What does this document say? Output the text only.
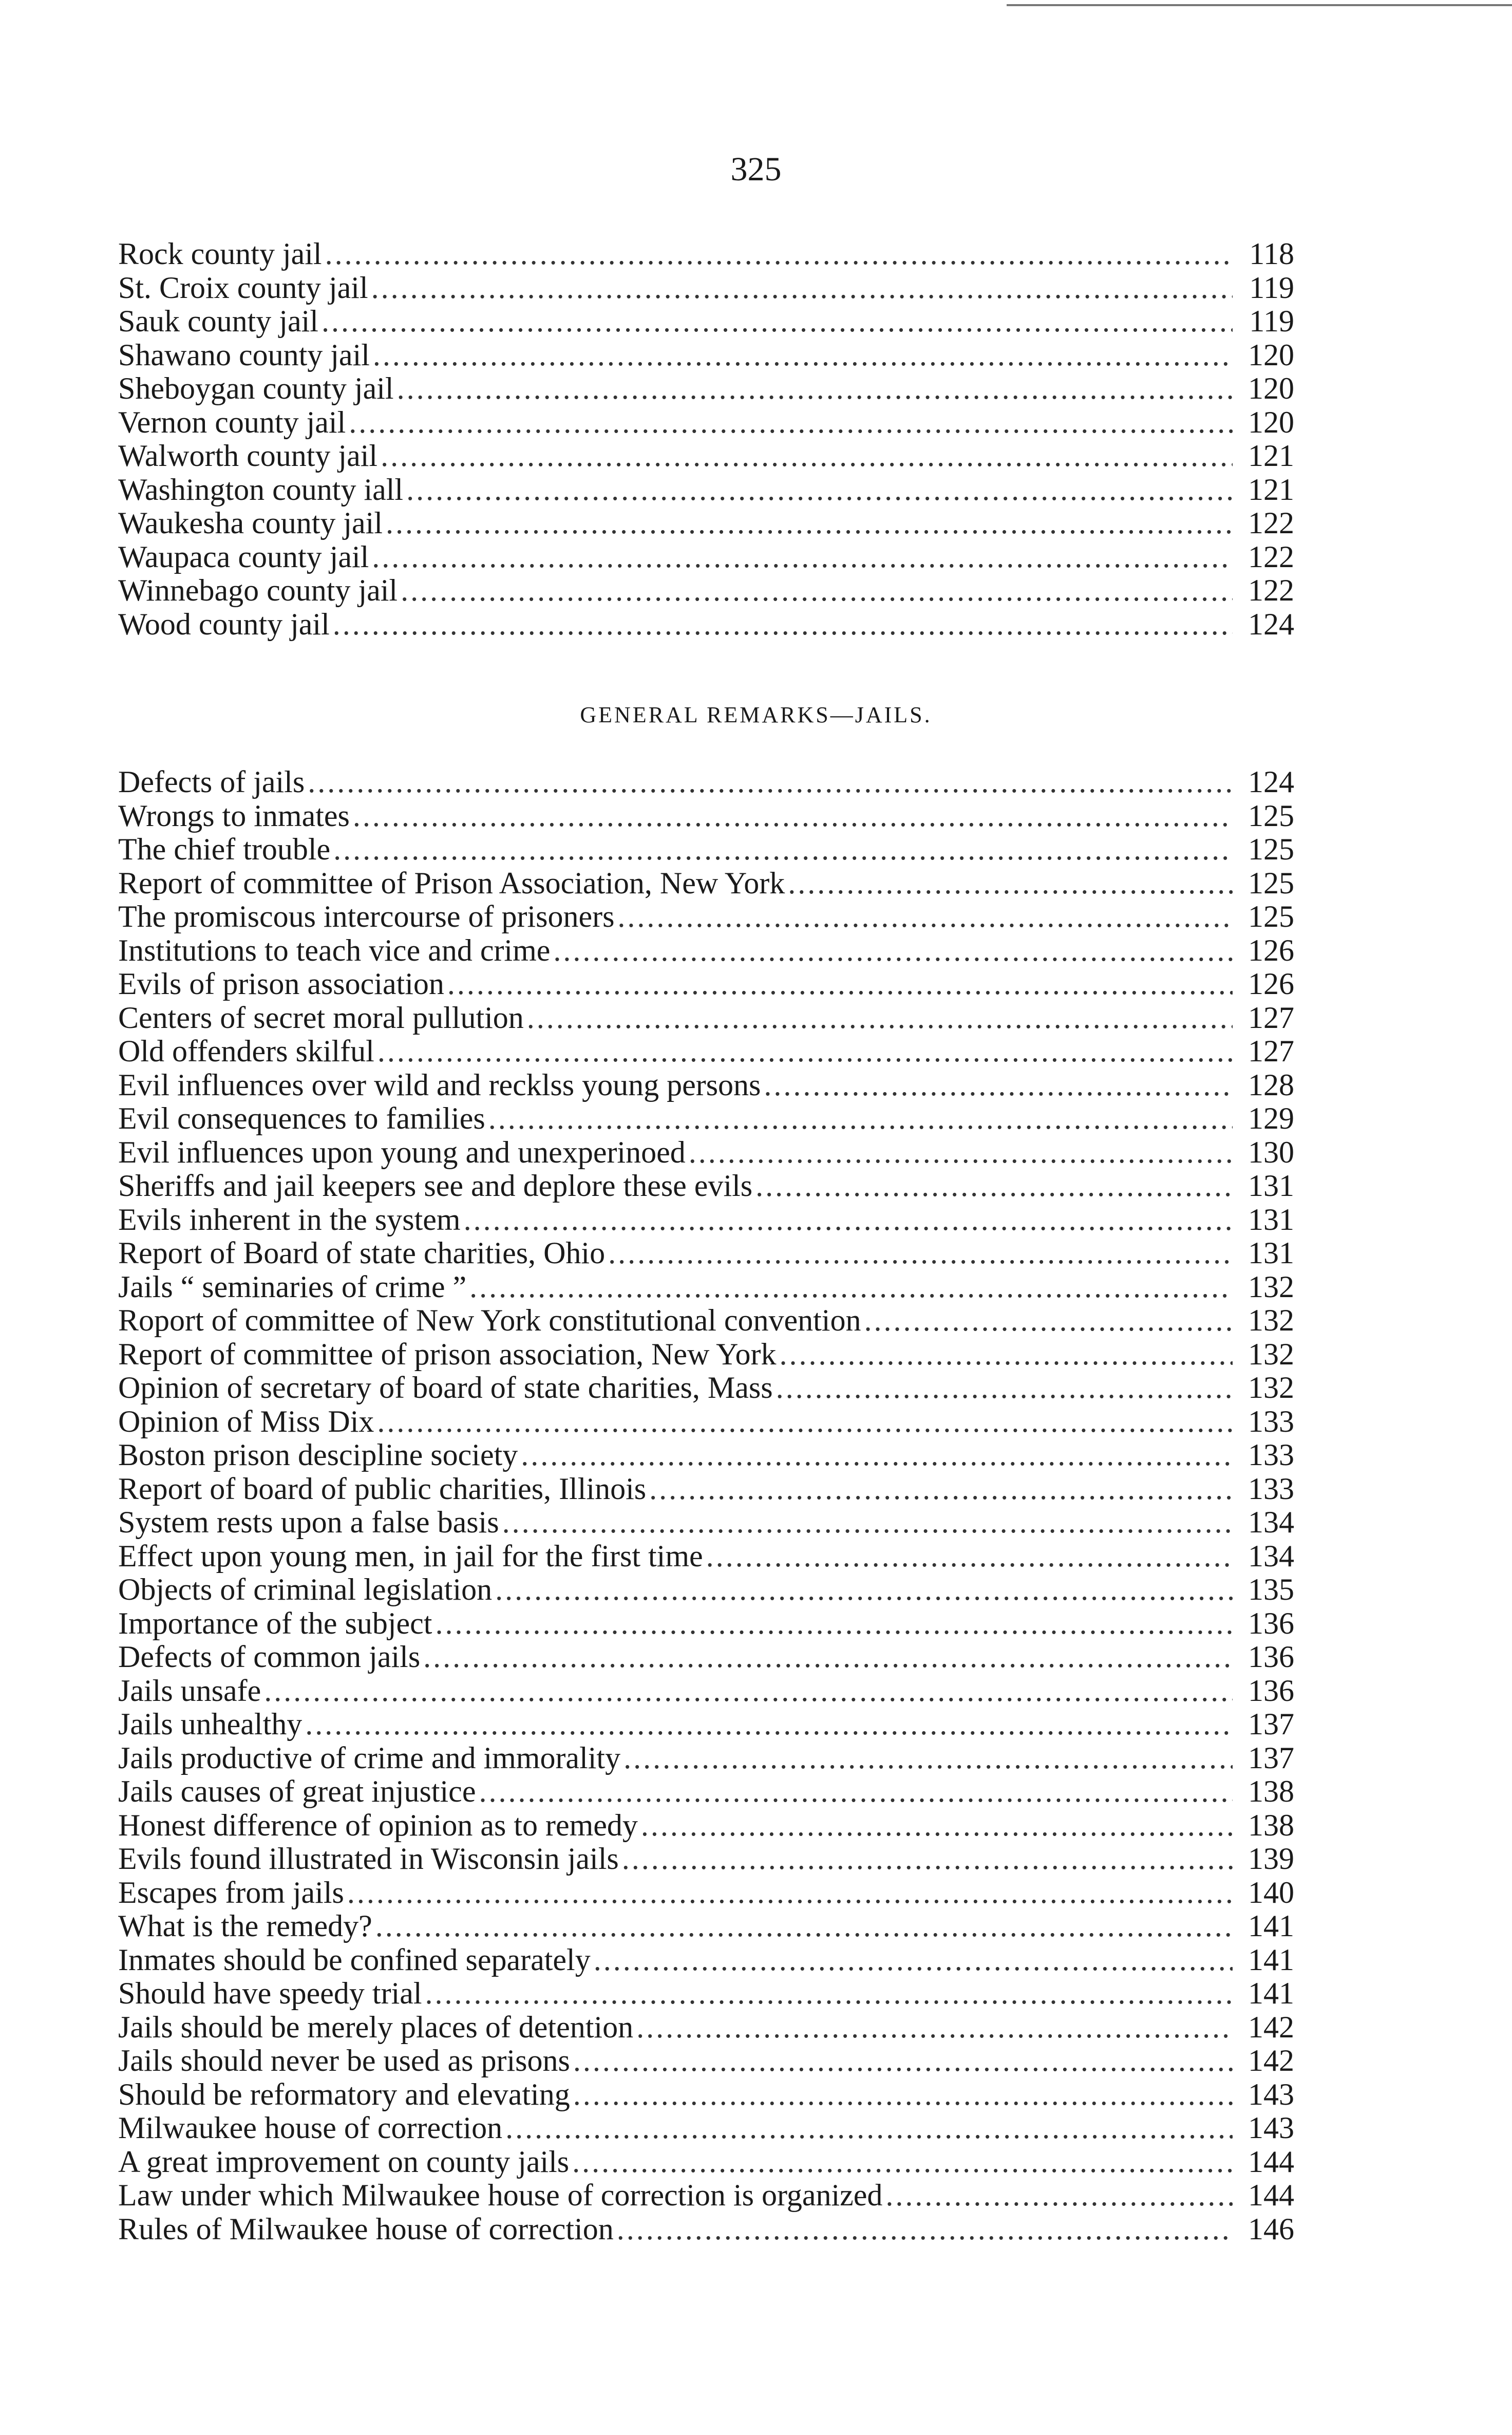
325
Rock county jail .....	118
St. Croix county jail .....	119
Sauk county jail .....	119
Shawano county jail .....	120
Sheboygan county jail .....	120
Vernon county jail .....	120
Walworth county jail .....	121
Washington county iall .....	121
Waukesha county jail .....	122
Waupaca county jail .....	122
Winnebago county jail .....	122
Wood county jail .....	124
GENERAL REMARKS—JAILS.
Defects of jails .....	124
Wrongs to inmates .....	125
The chief trouble .....	125
Report of committee of Prison Association, New York .....	125
The promiscous intercourse of prisoners .....	125
Institutions to teach vice and crime .....	126
Evils of prison association .....	126
Centers of secret moral pullution .....	127
Old offenders skilful .....	127
Evil influences over wild and recklss young persons .....	128
Evil consequences to families .....	129
Evil influences upon young and unexperinoed .....	130
Sheriffs and jail keepers see and deplore these evils .....	131
Evils inherent in the system .....	131
Report of Board of state charities, Ohio .....	131
Jails “ seminaries of crime ” .....	132
Roport of committee of New York constitutional convention .....	132
Report of committee of prison association, New York .....	132
Opinion of secretary of board of state charities, Mass .....	132
Opinion of Miss Dix .....	133
Boston prison descipline society .....	133
Report of board of public charities, Illinois .....	133
System rests upon a false basis .....	134
Effect upon young men, in jail for the first time .....	134
Objects of criminal legislation .....	135
Importance of the subject .....	136
Defects of common jails .....	136
Jails unsafe .....	136
Jails unhealthy .....	137
Jails productive of crime and immorality .....	137
Jails causes of great injustice .....	138
Honest difference of opinion as to remedy .....	138
Evils found illustrated in Wisconsin jails .....	139
Escapes from jails .....	140
What is the remedy? .....	141
Inmates should be confined separately .....	141
Should have speedy trial .....	141
Jails should be merely places of detention .....	142
Jails should never be used as prisons .....	142
Should be reformatory and elevating .....	143
Milwaukee house of correction .....	143
A great improvement on county jails .....	144
Law under which Milwaukee house of correction is organized .....	144
Rules of Milwaukee house of correction .....	146
